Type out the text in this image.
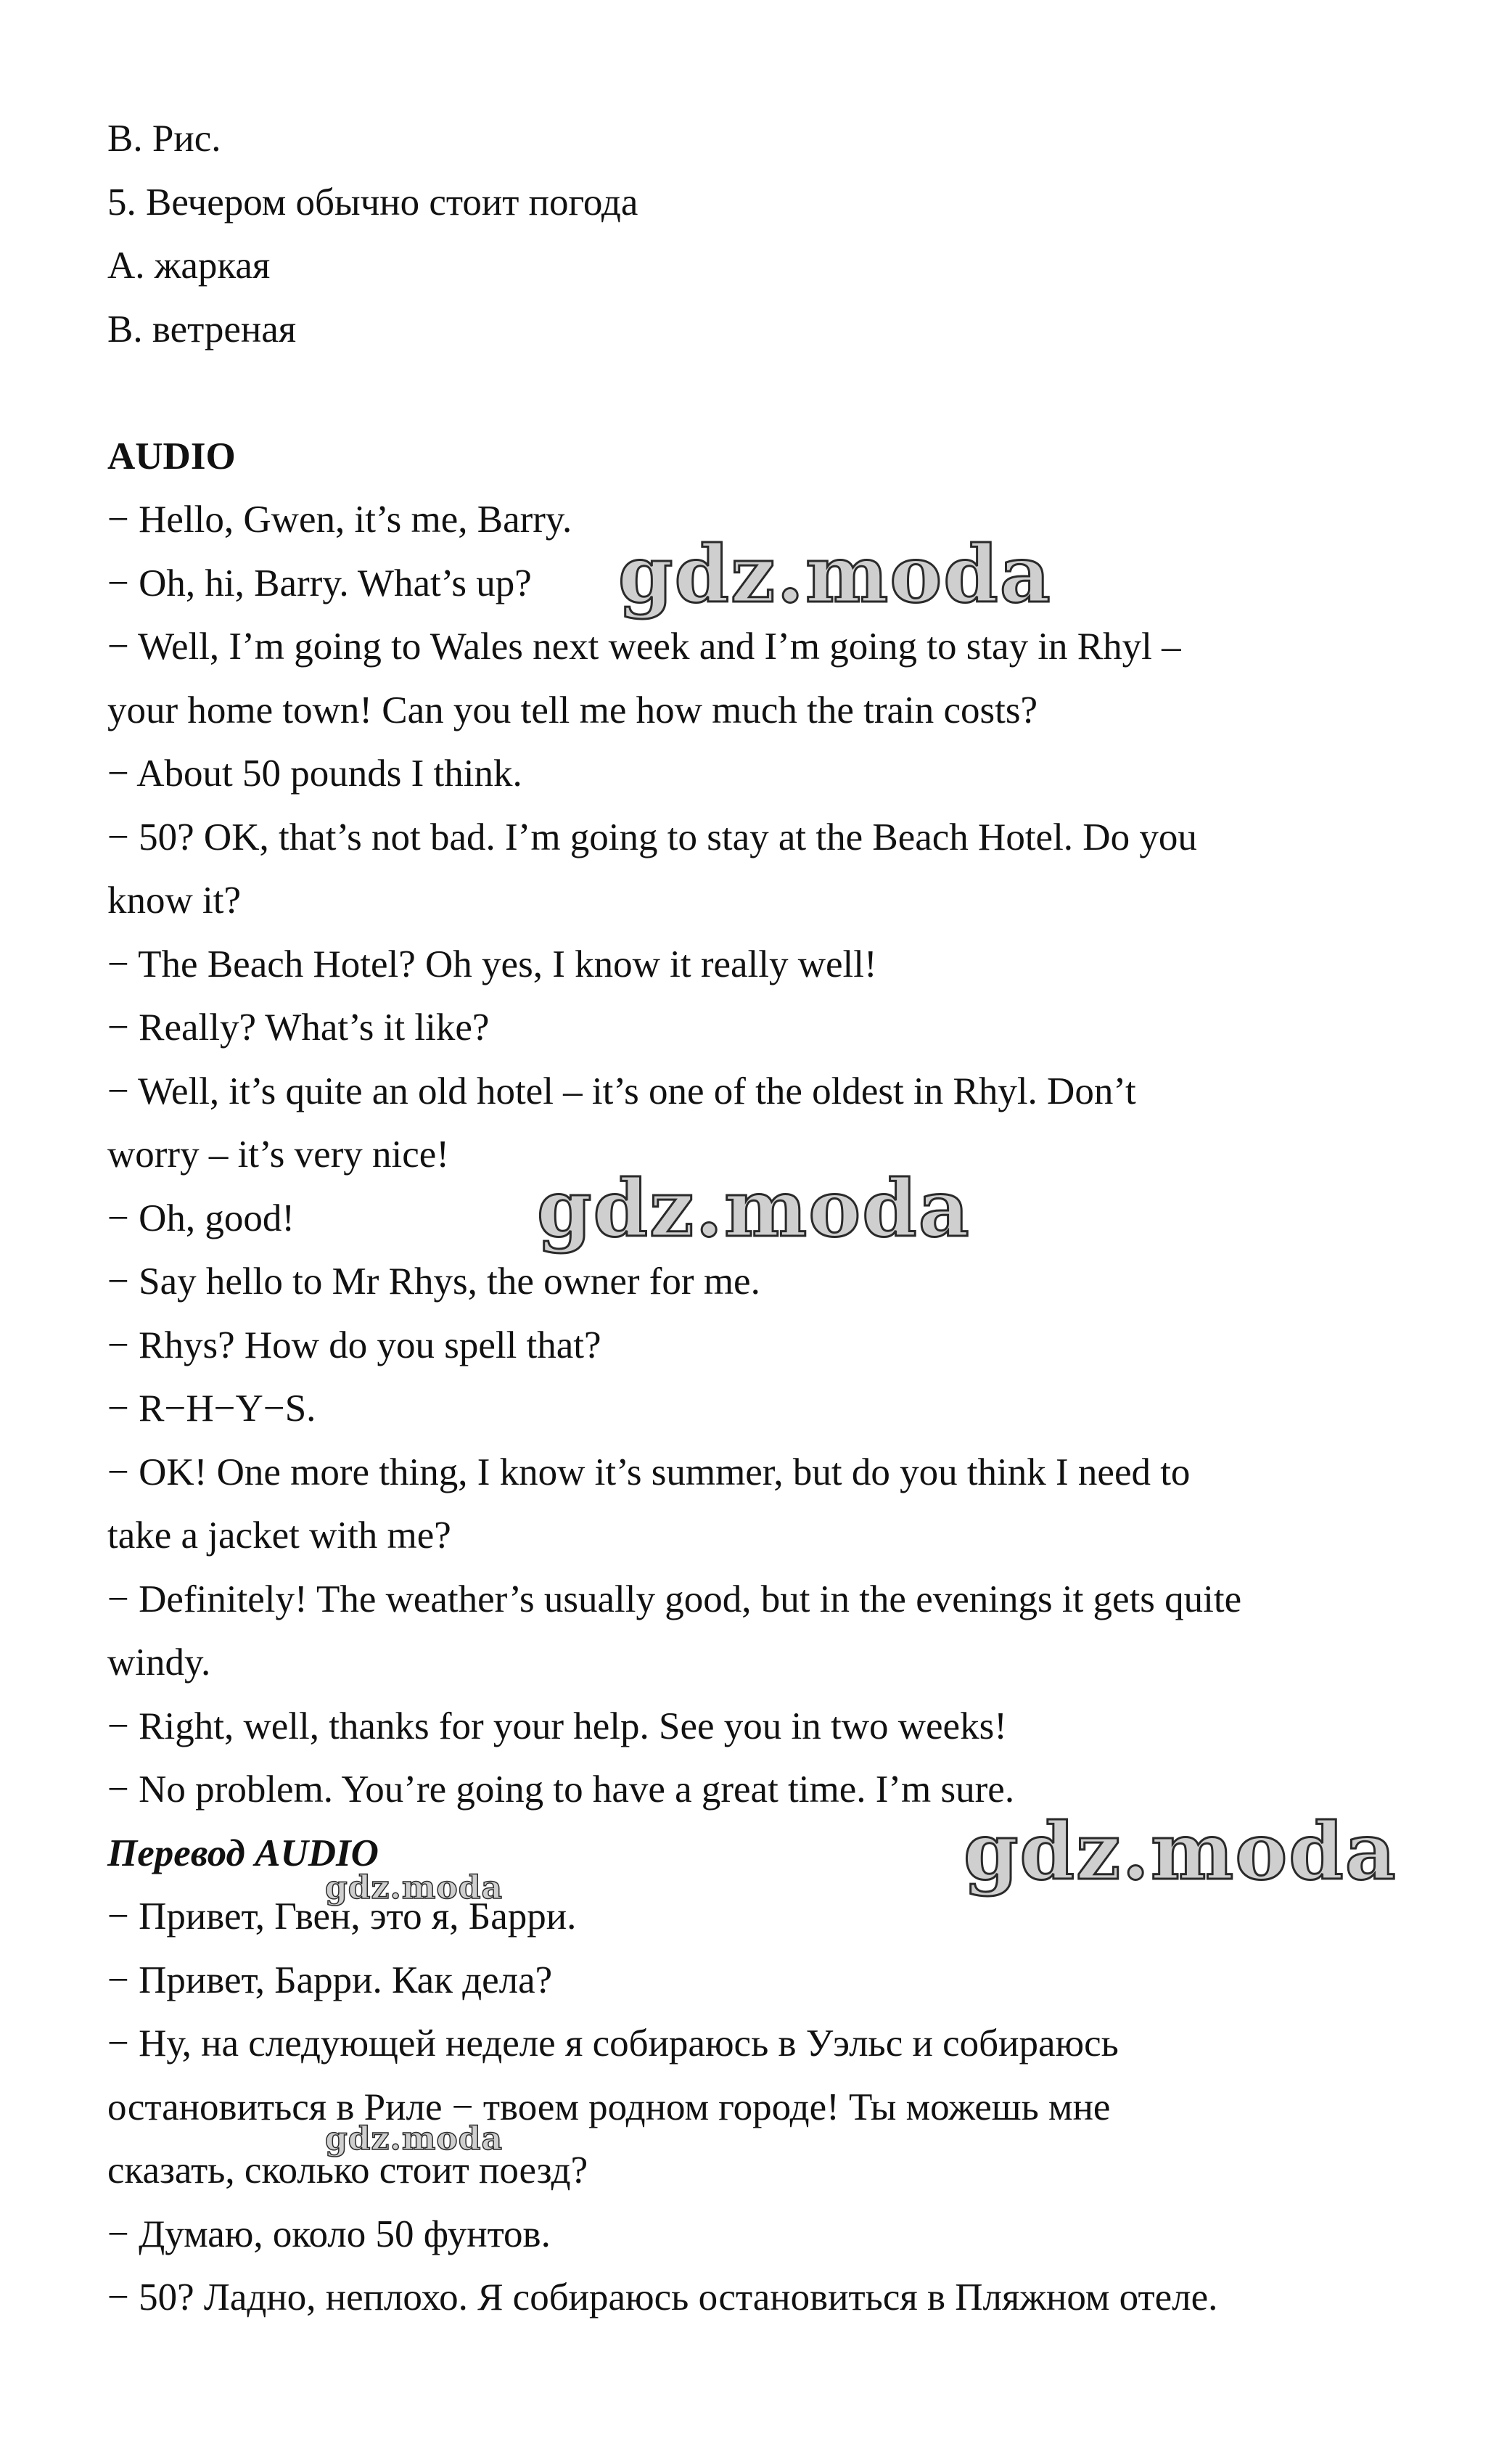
B. Рис.
5. Вечером обычно стоит погода
A. жаркая
B. ветреная
AUDIO
− Hello, Gwen, it’s me, Barry.
− Oh, hi, Barry. What’s up?
− Well, I’m going to Wales next week and I’m going to stay in Rhyl –
your home town! Can you tell me how much the train costs?
− About 50 pounds I think.
− 50? OK, that’s not bad. I’m going to stay at the Beach Hotel. Do you
know it?
− The Beach Hotel? Oh yes, I know it really well!
− Really? What’s it like?
− Well, it’s quite an old hotel – it’s one of the oldest in Rhyl. Don’t
worry – it’s very nice!
− Oh, good!
− Say hello to Mr Rhys, the owner for me.
− Rhys? How do you spell that?
− R−H−Y−S.
− OK! One more thing, I know it’s summer, but do you think I need to
take a jacket with me?
− Definitely! The weather’s usually good, but in the evenings it gets quite
windy.
− Right, well, thanks for your help. See you in two weeks!
− No problem. You’re going to have a great time. I’m sure.
Перевод AUDIO
− Привет, Гвен, это я, Барри.
− Привет, Барри. Как дела?
− Ну, на следующей неделе я собираюсь в Уэльс и собираюсь
остановиться в Риле − твоем родном городе! Ты можешь мне
сказать, сколько стоит поезд?
− Думаю, около 50 фунтов.
− 50? Ладно, неплохо. Я собираюсь остановиться в Пляжном отеле.
gdz.moda
gdz.moda
gdz.moda
gdz.moda
gdz.moda
